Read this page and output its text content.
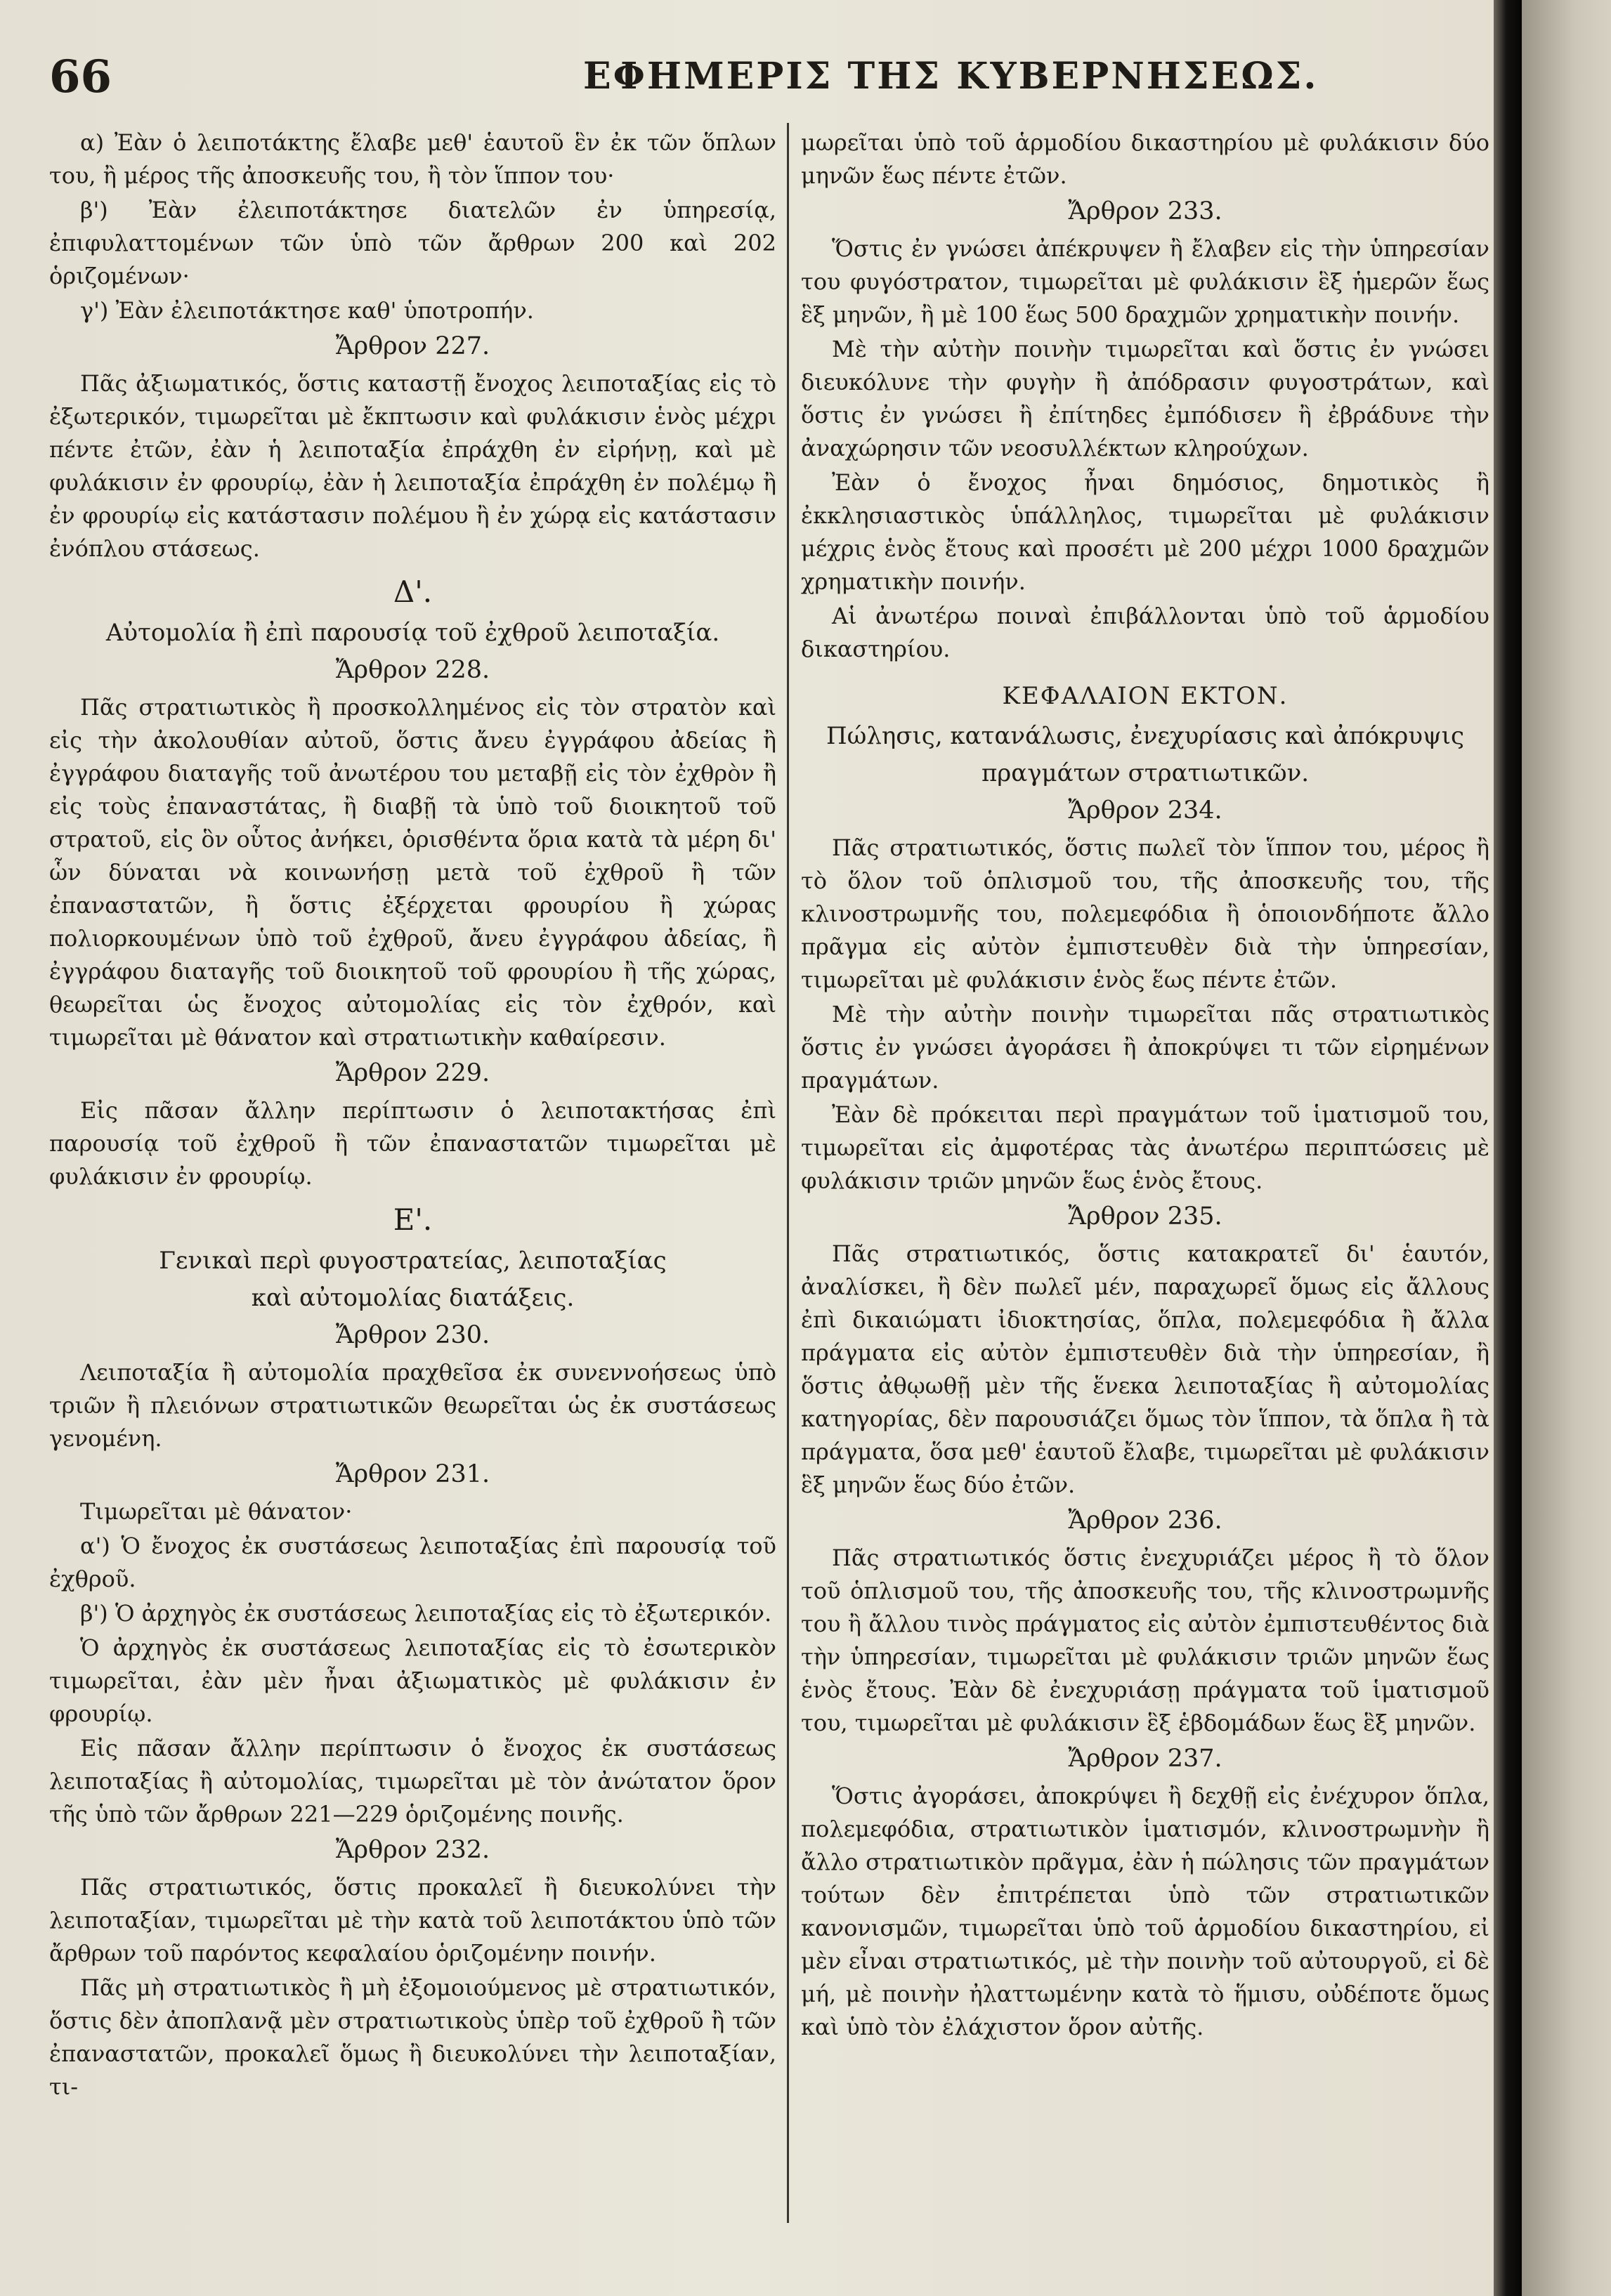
66	ΕΦΗΜΕΡΙΣ ΤΗΣ ΚΥΒΕΡΝΗΣΕΩΣ.
α) Ἐὰν ὁ λειποτάκτης ἔλαβε μεθ' ἑαυτοῦ ἓν ἐκ τῶν ὅπλων του, ἢ μέρος τῆς ἀποσκευῆς του, ἢ τὸν ἵππον του·
β') Ἐὰν ἐλειποτάκτησε διατελῶν ἐν ὑπηρεσίᾳ, ἐπιφυλαττομένων τῶν ὑπὸ τῶν ἄρθρων 200 καὶ 202 ὁριζομένων·
γ') Ἐὰν ἐλειποτάκτησε καθ' ὑποτροπήν.
Ἄρθρον 227.
Πᾶς ἀξιωματικός, ὅστις καταστῇ ἔνοχος λειποταξίας εἰς τὸ ἐξωτερικόν, τιμωρεῖται μὲ ἔκπτωσιν καὶ φυλάκισιν ἑνὸς μέχρι πέντε ἐτῶν, ἐὰν ἡ λειποταξία ἐπράχθη ἐν εἰρήνῃ, καὶ μὲ φυλάκισιν ἐν φρουρίῳ, ἐὰν ἡ λειποταξία ἐπράχθη ἐν πολέμῳ ἢ ἐν φρουρίῳ εἰς κατάστασιν πολέμου ἢ ἐν χώρᾳ εἰς κατάστασιν ἐνόπλου στάσεως.
Δ'.
Αὐτομολία ἢ ἐπὶ παρουσίᾳ τοῦ ἐχθροῦ λειποταξία.
Ἄρθρον 228.
Πᾶς στρατιωτικὸς ἢ προσκολλημένος εἰς τὸν στρατὸν καὶ εἰς τὴν ἀκολουθίαν αὐτοῦ, ὅστις ἄνευ ἐγγράφου ἀδείας ἢ ἐγγράφου διαταγῆς τοῦ ἀνωτέρου του μεταβῇ εἰς τὸν ἐχθρὸν ἢ εἰς τοὺς ἐπαναστάτας, ἢ διαβῇ τὰ ὑπὸ τοῦ διοικητοῦ τοῦ στρατοῦ, εἰς ὃν οὗτος ἀνήκει, ὁρισθέντα ὅρια κατὰ τὰ μέρη δι' ὧν δύναται νὰ κοινωνήσῃ μετὰ τοῦ ἐχθροῦ ἢ τῶν ἐπαναστατῶν, ἢ ὅστις ἐξέρχεται φρουρίου ἢ χώρας πολιορκουμένων ὑπὸ τοῦ ἐχθροῦ, ἄνευ ἐγγράφου ἀδείας, ἢ ἐγγράφου διαταγῆς τοῦ διοικητοῦ τοῦ φρουρίου ἢ τῆς χώρας, θεωρεῖται ὡς ἔνοχος αὐτομολίας εἰς τὸν ἐχθρόν, καὶ τιμωρεῖται μὲ θάνατον καὶ στρατιωτικὴν καθαίρεσιν.
Ἄρθρον 229.
Εἰς πᾶσαν ἄλλην περίπτωσιν ὁ λειποτακτήσας ἐπὶ παρουσίᾳ τοῦ ἐχθροῦ ἢ τῶν ἐπαναστατῶν τιμωρεῖται μὲ φυλάκισιν ἐν φρουρίῳ.
Ε'.
Γενικαὶ περὶ φυγοστρατείας, λειποταξίας
καὶ αὐτομολίας διατάξεις.
Ἄρθρον 230.
Λειποταξία ἢ αὐτομολία πραχθεῖσα ἐκ συνεννοήσεως ὑπὸ τριῶν ἢ πλειόνων στρατιωτικῶν θεωρεῖται ὡς ἐκ συστάσεως γενομένη.
Ἄρθρον 231.
Τιμωρεῖται μὲ θάνατον·
α') Ὁ ἔνοχος ἐκ συστάσεως λειποταξίας ἐπὶ παρουσίᾳ τοῦ ἐχθροῦ.
β') Ὁ ἀρχηγὸς ἐκ συστάσεως λειποταξίας εἰς τὸ ἐξωτερικόν.
Ὁ ἀρχηγὸς ἐκ συστάσεως λειποταξίας εἰς τὸ ἐσωτερικὸν τιμωρεῖται, ἐὰν μὲν ἦναι ἀξιωματικὸς μὲ φυλάκισιν ἐν φρουρίῳ.
Εἰς πᾶσαν ἄλλην περίπτωσιν ὁ ἔνοχος ἐκ συστάσεως λειποταξίας ἢ αὐτομολίας, τιμωρεῖται μὲ τὸν ἀνώτατον ὅρον τῆς ὑπὸ τῶν ἄρθρων 221—229 ὁριζομένης ποινῆς.
Ἄρθρον 232.
Πᾶς στρατιωτικός, ὅστις προκαλεῖ ἢ διευκολύνει τὴν λειποταξίαν, τιμωρεῖται μὲ τὴν κατὰ τοῦ λειποτάκτου ὑπὸ τῶν ἄρθρων τοῦ παρόντος κεφαλαίου ὁριζομένην ποινήν.
Πᾶς μὴ στρατιωτικὸς ἢ μὴ ἐξομοιούμενος μὲ στρατιωτικόν, ὅστις δὲν ἀποπλανᾷ μὲν στρατιωτικοὺς ὑπὲρ τοῦ ἐχθροῦ ἢ τῶν ἐπαναστατῶν, προκαλεῖ ὅμως ἢ διευκολύνει τὴν λειποταξίαν, τι-
μωρεῖται ὑπὸ τοῦ ἁρμοδίου δικαστηρίου μὲ φυλάκισιν δύο μηνῶν ἕως πέντε ἐτῶν.
Ἄρθρον 233.
Ὅστις ἐν γνώσει ἀπέκρυψεν ἢ ἔλαβεν εἰς τὴν ὑπηρεσίαν του φυγόστρατον, τιμωρεῖται μὲ φυλάκισιν ἓξ ἡμερῶν ἕως ἓξ μηνῶν, ἢ μὲ 100 ἕως 500 δραχμῶν χρηματικὴν ποινήν.
Μὲ τὴν αὐτὴν ποινὴν τιμωρεῖται καὶ ὅστις ἐν γνώσει διευκόλυνε τὴν φυγὴν ἢ ἀπόδρασιν φυγοστράτων, καὶ ὅστις ἐν γνώσει ἢ ἐπίτηδες ἐμπόδισεν ἢ ἐβράδυνε τὴν ἀναχώρησιν τῶν νεοσυλλέκτων κληρούχων.
Ἐὰν ὁ ἔνοχος ἦναι δημόσιος, δημοτικὸς ἢ ἐκκλησιαστικὸς ὑπάλληλος, τιμωρεῖται μὲ φυλάκισιν μέχρις ἑνὸς ἔτους καὶ προσέτι μὲ 200 μέχρι 1000 δραχμῶν χρηματικὴν ποινήν.
Αἱ ἀνωτέρω ποιναὶ ἐπιβάλλονται ὑπὸ τοῦ ἁρμοδίου δικαστηρίου.
ΚΕΦΑΛΑΙΟΝ ΕΚΤΟΝ.
Πώλησις, κατανάλωσις, ἐνεχυρίασις καὶ ἀπόκρυψις
πραγμάτων στρατιωτικῶν.
Ἄρθρον 234.
Πᾶς στρατιωτικός, ὅστις πωλεῖ τὸν ἵππον του, μέρος ἢ τὸ ὅλον τοῦ ὁπλισμοῦ του, τῆς ἀποσκευῆς του, τῆς κλινοστρωμνῆς του, πολεμεφόδια ἢ ὁποιονδήποτε ἄλλο πρᾶγμα εἰς αὐτὸν ἐμπιστευθὲν διὰ τὴν ὑπηρεσίαν, τιμωρεῖται μὲ φυλάκισιν ἑνὸς ἕως πέντε ἐτῶν.
Μὲ τὴν αὐτὴν ποινὴν τιμωρεῖται πᾶς στρατιωτικὸς ὅστις ἐν γνώσει ἀγοράσει ἢ ἀποκρύψει τι τῶν εἰρημένων πραγμάτων.
Ἐὰν δὲ πρόκειται περὶ πραγμάτων τοῦ ἱματισμοῦ του, τιμωρεῖται εἰς ἀμφοτέρας τὰς ἀνωτέρω περιπτώσεις μὲ φυλάκισιν τριῶν μηνῶν ἕως ἑνὸς ἔτους.
Ἄρθρον 235.
Πᾶς στρατιωτικός, ὅστις κατακρατεῖ δι' ἑαυτόν, ἀναλίσκει, ἢ δὲν πωλεῖ μέν, παραχωρεῖ ὅμως εἰς ἄλλους ἐπὶ δικαιώματι ἰδιοκτησίας, ὅπλα, πολεμεφόδια ἢ ἄλλα πράγματα εἰς αὐτὸν ἐμπιστευθὲν διὰ τὴν ὑπηρεσίαν, ἢ ὅστις ἀθῳωθῇ μὲν τῆς ἕνεκα λειποταξίας ἢ αὐτομολίας κατηγορίας, δὲν παρουσιάζει ὅμως τὸν ἵππον, τὰ ὅπλα ἢ τὰ πράγματα, ὅσα μεθ' ἑαυτοῦ ἔλαβε, τιμωρεῖται μὲ φυλάκισιν ἓξ μηνῶν ἕως δύο ἐτῶν.
Ἄρθρον 236.
Πᾶς στρατιωτικός ὅστις ἐνεχυριάζει μέρος ἢ τὸ ὅλον τοῦ ὁπλισμοῦ του, τῆς ἀποσκευῆς του, τῆς κλινοστρωμνῆς του ἢ ἄλλου τινὸς πράγματος εἰς αὐτὸν ἐμπιστευθέντος διὰ τὴν ὑπηρεσίαν, τιμωρεῖται μὲ φυλάκισιν τριῶν μηνῶν ἕως ἑνὸς ἔτους. Ἐὰν δὲ ἐνεχυριάσῃ πράγματα τοῦ ἱματισμοῦ του, τιμωρεῖται μὲ φυλάκισιν ἓξ ἑβδομάδων ἕως ἓξ μηνῶν.
Ἄρθρον 237.
Ὅστις ἀγοράσει, ἀποκρύψει ἢ δεχθῇ εἰς ἐνέχυρον ὅπλα, πολεμεφόδια, στρατιωτικὸν ἱματισμόν, κλινοστρωμνὴν ἢ ἄλλο στρατιωτικὸν πρᾶγμα, ἐὰν ἡ πώλησις τῶν πραγμάτων τούτων δὲν ἐπιτρέπεται ὑπὸ τῶν στρατιωτικῶν κανονισμῶν, τιμωρεῖται ὑπὸ τοῦ ἁρμοδίου δικαστηρίου, εἰ μὲν εἶναι στρατιωτικός, μὲ τὴν ποινὴν τοῦ αὐτουργοῦ, εἰ δὲ μή, μὲ ποινὴν ἠλαττωμένην κατὰ τὸ ἥμισυ, οὐδέποτε ὅμως καὶ ὑπὸ τὸν ἐλάχιστον ὅρον αὐτῆς.
